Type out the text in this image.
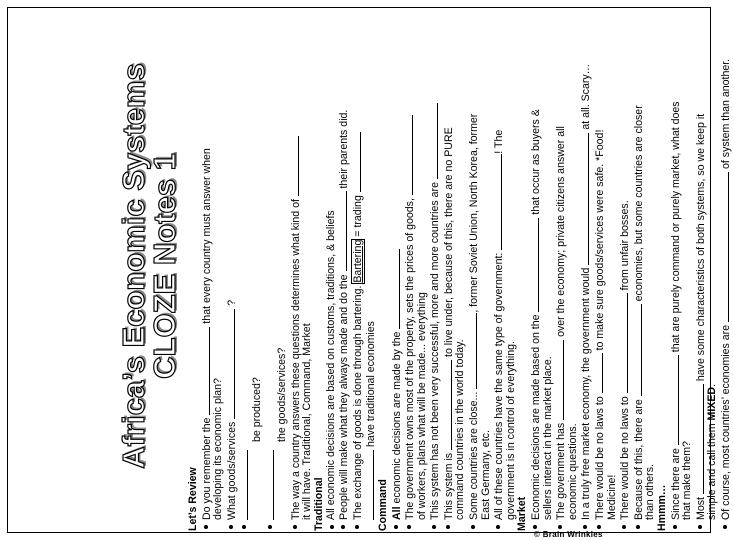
© Brain Wrinkles
Africa’s Economic Systems
CLOZE Notes 1
Let’s Review Do you remember the  that every country must answer when
developing its economic plan? What goods/services  ?

be produced?	the goods/services? The way a country answers these questions determines what kind of
it will have. Traditional, Command, Market Traditional All economic decisions are based on customs, traditions, & beliefs People will make what they always made and do the  their parents did.
The exchange of goods is done through bartering. Bartering = trading
have traditional economies
Command All economic decisions are made by the The government owns most of the property, sets the prices of goods,
of workers, plans what will be made... everything This system has not been very successful, more and more countries are This system is  to live under, because of this, there are no PURE
command countries in the world today. Some countries are close... , former Soviet Union, North Korea, former
East Germany, etc. All of these countries have the same type of government: ! The
government is in control of everything. Market Economic decisions are made based on the  that occur as buyers &
sellers interact in the market place. The government has  over the economy; private citizens answer all
economic questions. In a truly free market economy, the government would  at all. Scary…
There would be no laws to  to make sure goods/services were safe. *Food!
Medicine! There would be no laws to  from unfair bosses.
Because of this, there are  economies, but some countries are closer
than others. Hmmm… Since there are  that are purely command or purely market, what does
that make them? Most  have some characteristics of both systems, so we keep it
simple and call them MIXED. Of course, most countries’ economies are  of system than another.
